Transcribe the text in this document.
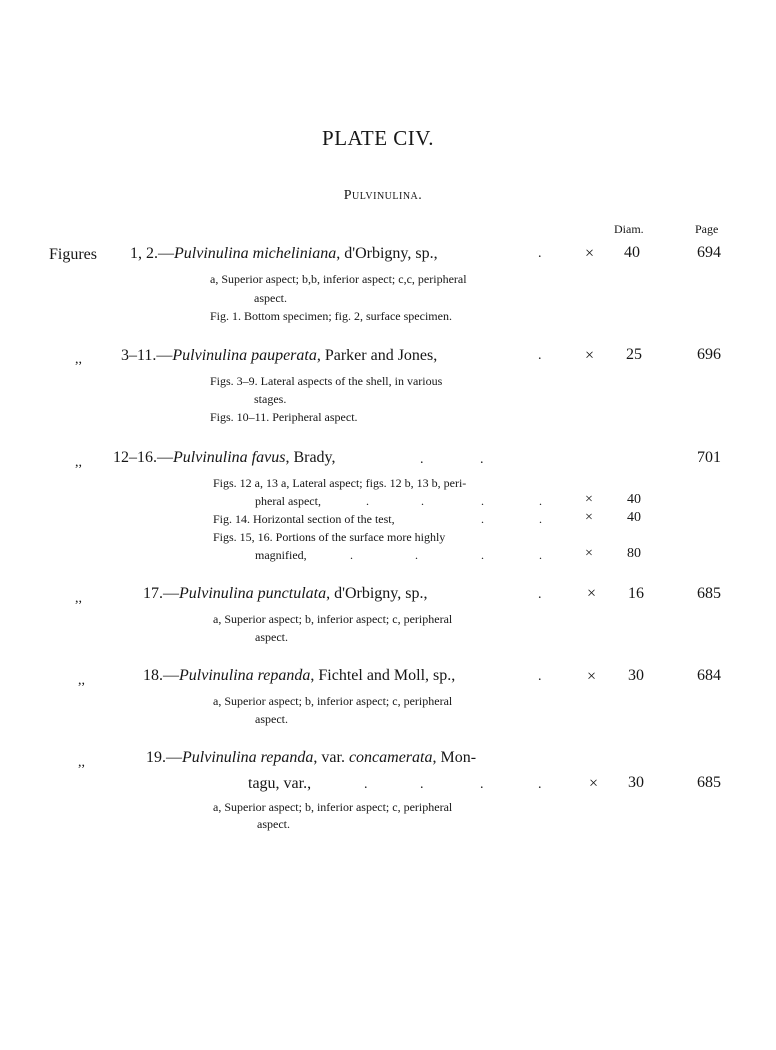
PLATE CIV.
Pulvinulina.
Diam.	Page
Figures 1, 2.—Pulvinulina micheliniana, d'Orbigny, sp.,	.	× 40	694
a, Superior aspect; b,b, inferior aspect; c,c, peripheral
aspect.
Fig. 1. Bottom specimen; fig. 2, surface specimen.
,, 3–11.—Pulvinulina pauperata, Parker and Jones,	.	× 25	696
Figs. 3–9. Lateral aspects of the shell, in various
stages.
Figs. 10–11. Peripheral aspect.
,, 12–16.—Pulvinulina favus, Brady,	.	.	701
Figs. 12 a, 13 a, Lateral aspect; figs. 12 b, 13 b, peri-
pheral aspect,	.	.	.	.	× 40
Fig. 14. Horizontal section of the test,	.	.	× 40
Figs. 15, 16. Portions of the surface more highly
magnified,	.	.	.	.	× 80
,,	17.—Pulvinulina punctulata, d'Orbigny, sp.,	.	× 16	685
a, Superior aspect; b, inferior aspect; c, peripheral
aspect.
,,	18.—Pulvinulina repanda, Fichtel and Moll, sp.,	.	× 30	684
a, Superior aspect; b, inferior aspect; c, peripheral
aspect.
,,	19.—Pulvinulina repanda, var. concamerata, Mon-
tagu, var.,	.	.	.	.	× 30	685
a, Superior aspect; b, inferior aspect; c, peripheral
aspect.
